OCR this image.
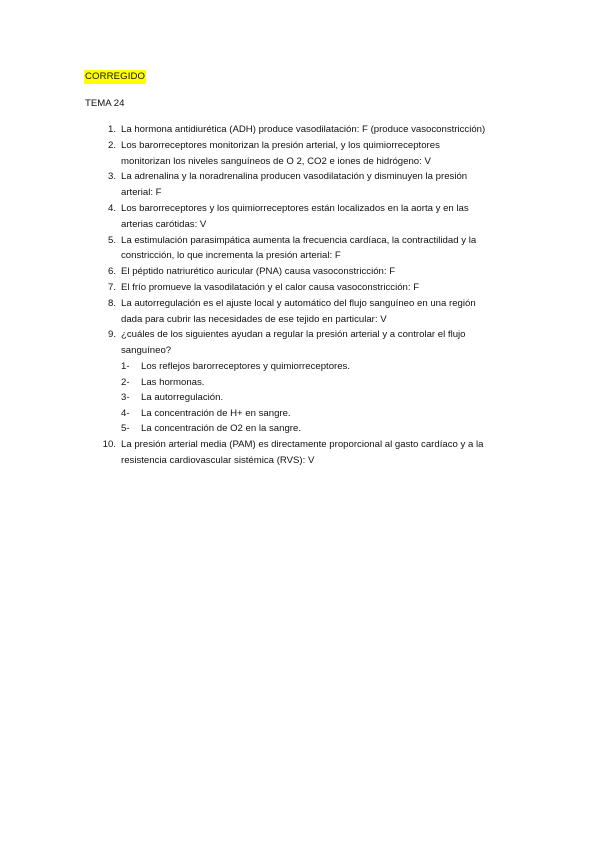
CORREGIDO
TEMA 24
1. La hormona antidiurética (ADH) produce vasodilatación: F (produce vasoconstricción)
2. Los barorreceptores monitorizan la presión arterial, y los quimiorreceptores
monitorizan los niveles sanguíneos de O 2, CO2 e iones de hidrógeno: V
3. La adrenalina y la noradrenalina producen vasodilatación y disminuyen la presión
arterial: F
4. Los barorreceptores y los quimiorreceptores están localizados en la aorta y en las
arterias carótidas: V
5. La estimulación parasimpática aumenta la frecuencia cardíaca, la contractilidad y la
constricción, lo que incrementa la presión arterial: F
6. El péptido natriurético auricular (PNA) causa vasoconstricción: F
7. El frío promueve la vasodilatación y el calor causa vasoconstricción: F
8. La autorregulación es el ajuste local y automático del flujo sanguíneo en una región
dada para cubrir las necesidades de ese tejido en particular: V
9. ¿cuáles de los siguientes ayudan a regular la presión arterial y a controlar el flujo
sanguíneo?
1- Los reflejos barorreceptores y quimiorreceptores.
2- Las hormonas.
3- La autorregulación.
4- La concentración de H+ en sangre.
5- La concentración de O2 en la sangre.
10. La presión arterial media (PAM) es directamente proporcional al gasto cardíaco y a la
resistencia cardiovascular sistémica (RVS): V
